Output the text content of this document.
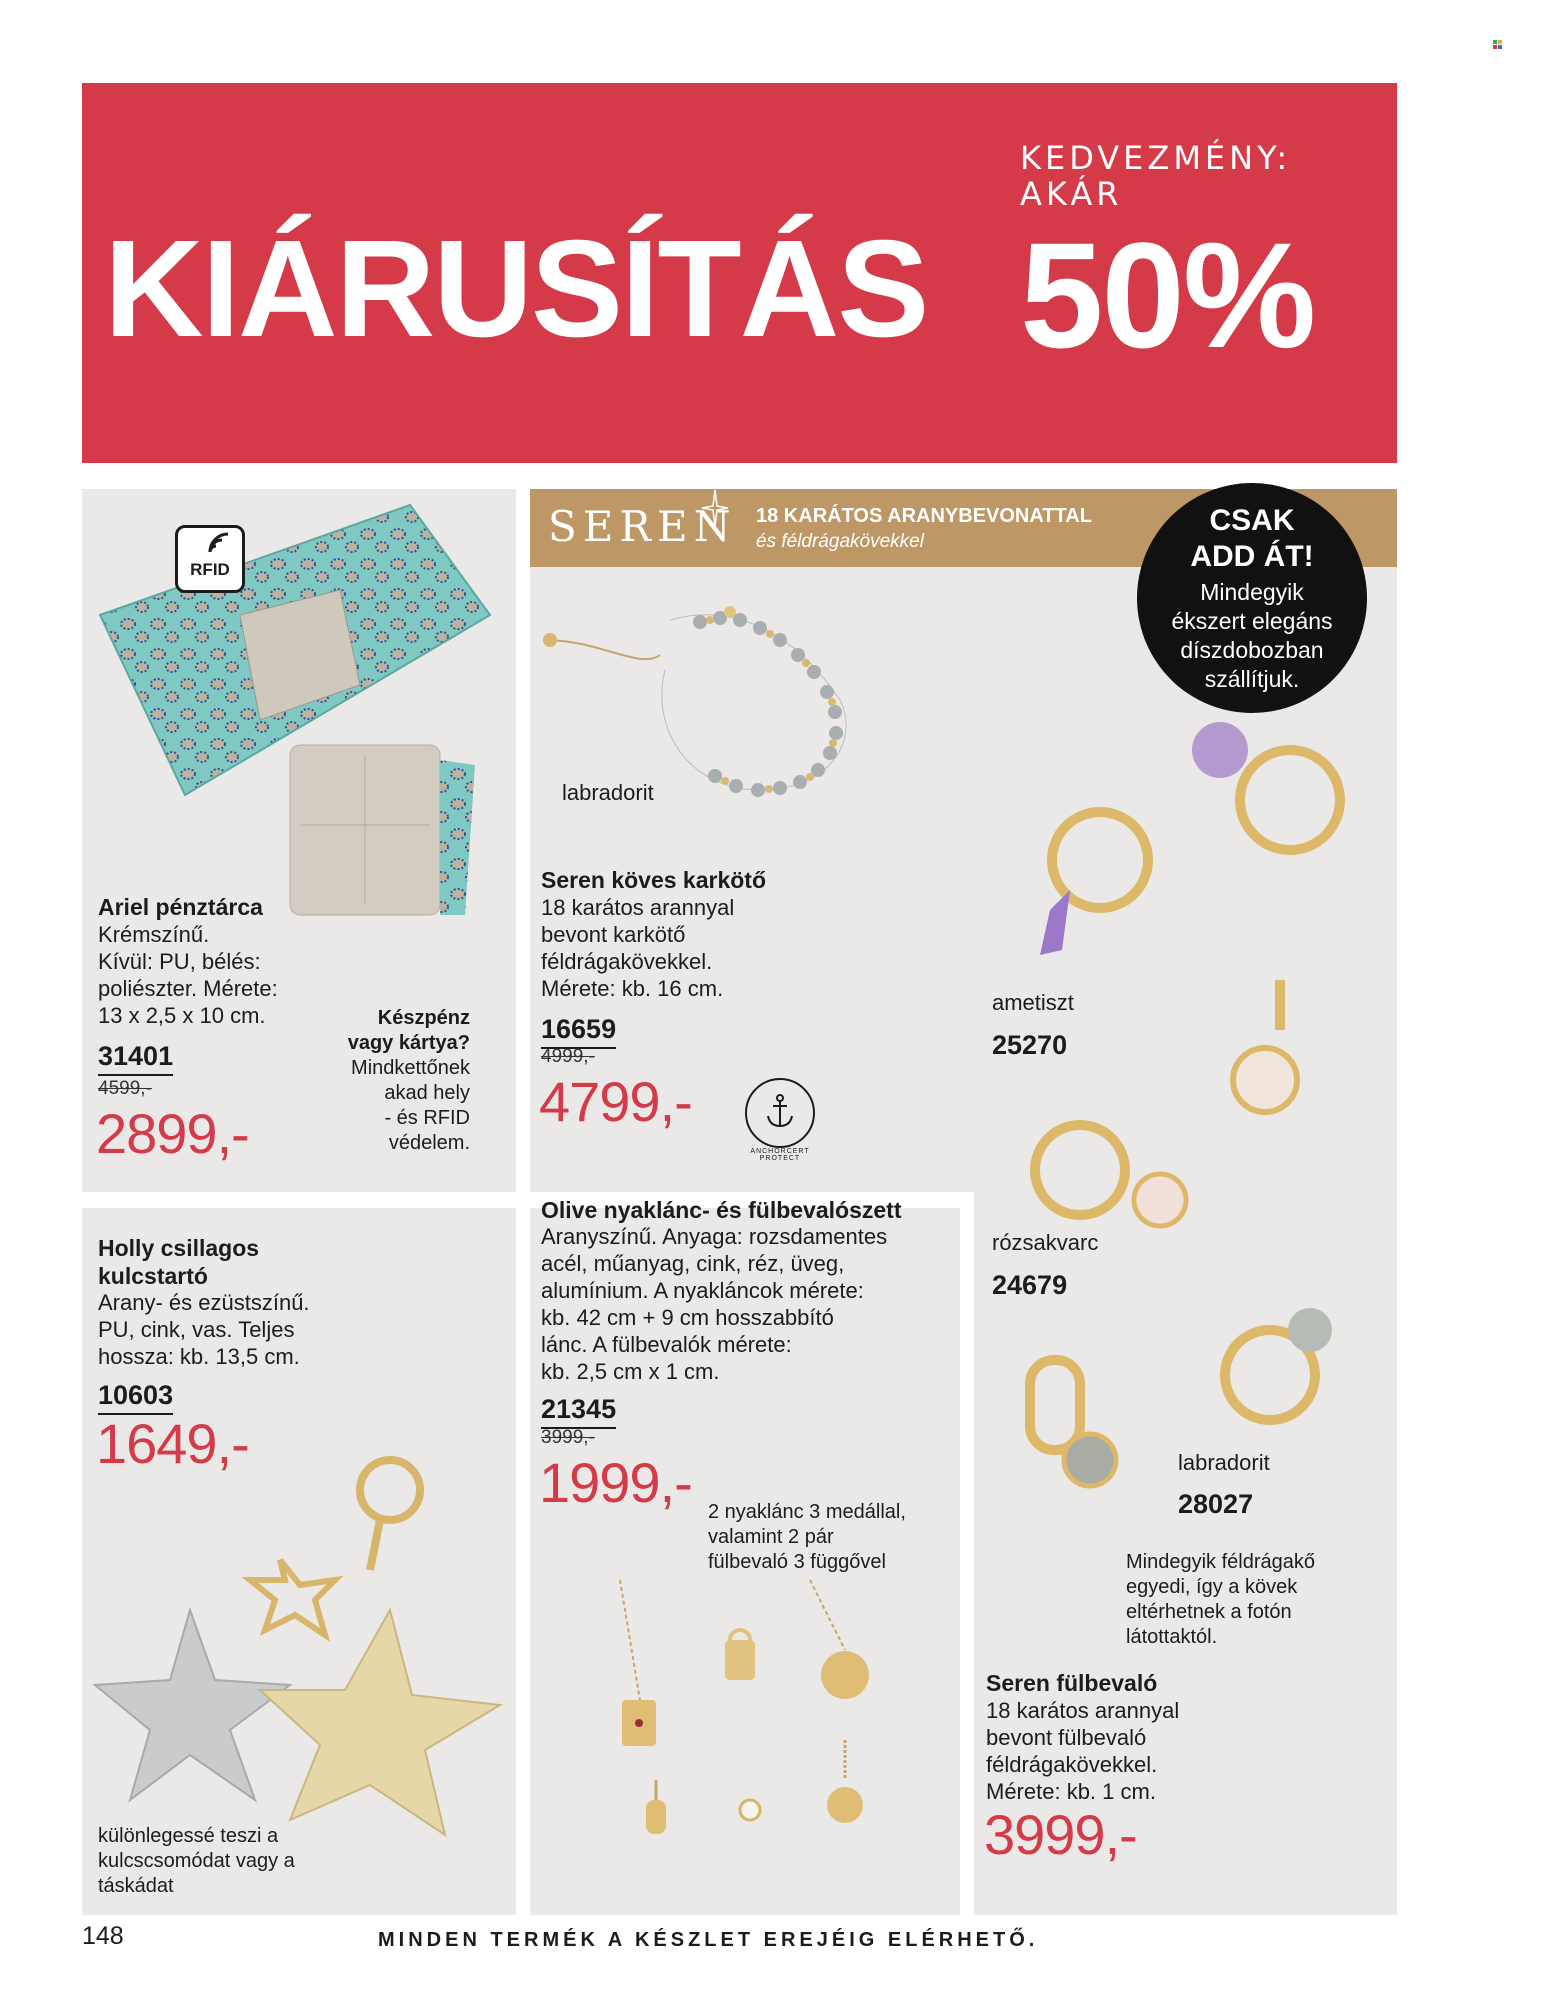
KEDVEZMÉNY:
AKÁR
KIÁRUSÍTÁS 50%
SEREN 18 KARÁTOS ARANYBEVONATTAL
és féldrágakövekkel
RFID
Ariel pénztárca
Krémszínű.
Kívül: PU, bélés:
poliészter. Mérete:
13 x 2,5 x 10 cm.
31401
4599,-
2899,-
Készpénz
vagy kártya?
Mindkettőnek
akad hely
- és RFID
védelem.
labradorit
Seren köves karkötő
18 karátos arannyal
bevont karkötő
féldrágakövekkel.
Mérete: kb. 16 cm.
16659
4999,-
4799,-
ANCHORCERT PROTECT
CSAK
ADD ÁT!
Mindegyik
ékszert elegáns
díszdobozban
szállítjuk.
ametiszt
25270
rózsakvarc
24679
labradorit
28027
Mindegyik féldrágakő
egyedi, így a kövek
eltérhetnek a fotón
látottaktól.
Seren fülbevaló
18 karátos arannyal
bevont fülbevaló
féldrágakövekkel.
Mérete: kb. 1 cm.
3999,-
Holly csillagos
kulcstartó
Arany- és ezüstszínű.
PU, cink, vas. Teljes
hossza: kb. 13,5 cm.
10603
1649,-
különlegessé teszi a
kulcscsomódat vagy a
táskádat
Olive nyaklánc- és fülbevalószett
Aranyszínű. Anyaga: rozsdamentes
acél, műanyag, cink, réz, üveg,
alumínium. A nyakláncok mérete:
kb. 42 cm + 9 cm hosszabbító
lánc. A fülbevalók mérete:
kb. 2,5 cm x 1 cm.
21345
3999,-
1999,- 2 nyaklánc 3 medállal,
valamint 2 pár
fülbevaló 3 függővel
148	MINDEN TERMÉK A KÉSZLET EREJÉIG ELÉRHETŐ.
